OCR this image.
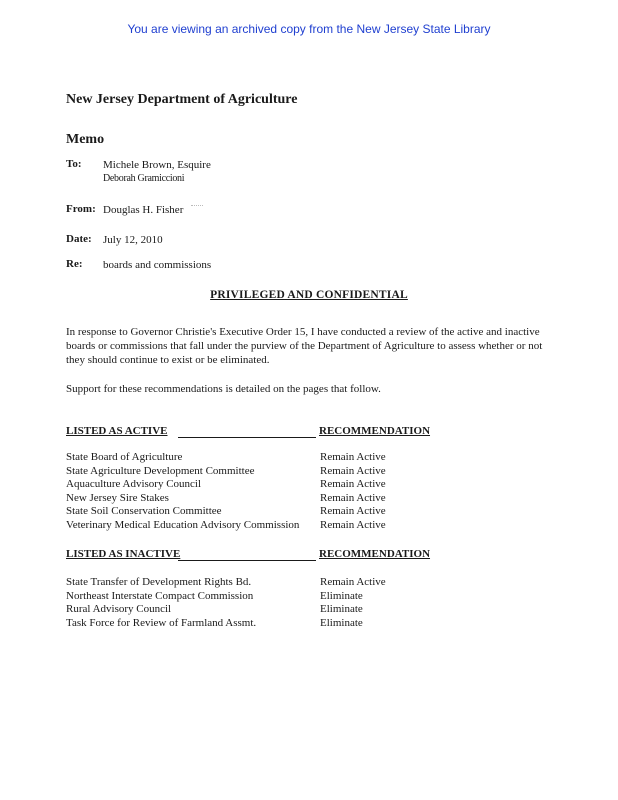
You are viewing an archived copy from the New Jersey State Library
New Jersey Department of Agriculture
Memo
To: Michele Brown, Esquire
Deborah Gramiccioni
From: Douglas H. Fisher
Date: July 12, 2010
Re: boards and commissions
PRIVILEGED AND CONFIDENTIAL
In response to Governor Christie's Executive Order 15, I have conducted a review of the active and inactive boards or commissions that fall under the purview of the Department of Agriculture to assess whether or not they should continue to exist or be eliminated.
Support for these recommendations is detailed on the pages that follow.
LISTED AS ACTIVE	RECOMMENDATION
State Board of Agriculture	Remain Active
State Agriculture Development Committee	Remain Active
Aquaculture Advisory Council	Remain Active
New Jersey Sire Stakes	Remain Active
State Soil Conservation Committee	Remain Active
Veterinary Medical Education Advisory Commission Remain Active
LISTED AS INACTIVE	RECOMMENDATION
State Transfer of Development Rights Bd.	Remain Active
Northeast Interstate Compact Commission	Eliminate
Rural Advisory Council	Eliminate
Task Force for Review of Farmland Assmt.	Eliminate
